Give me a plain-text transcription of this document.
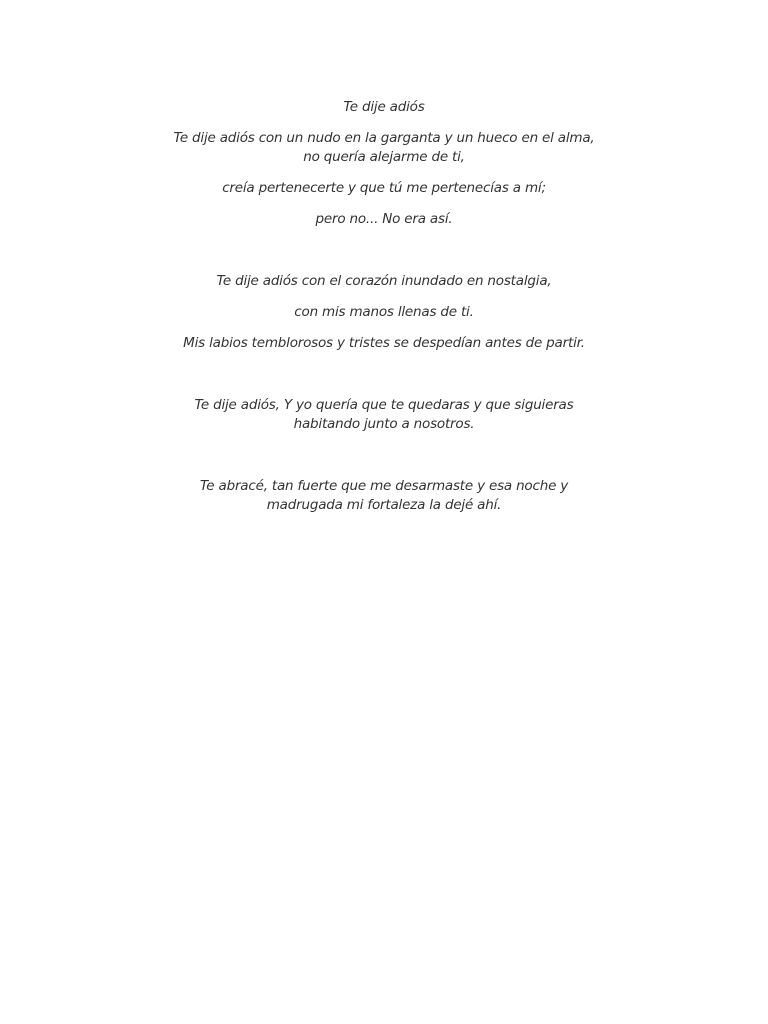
Te dije adiós

Te dije adiós con un nudo en la garganta y un hueco en el alma, no quería alejarme de ti,

creía pertenecerte y que tú me pertenecías a mí;

pero no... No era así.

Te dije adiós con el corazón inundado en nostalgia,

con mis manos llenas de ti.

Mis labios temblorosos y tristes se despedían antes de partir.

Te dije adiós, Y yo quería que te quedaras y que siguieras habitando junto a nosotros.

Te abracé, tan fuerte que me desarmaste y esa noche y madrugada mi fortaleza la dejé ahí.
